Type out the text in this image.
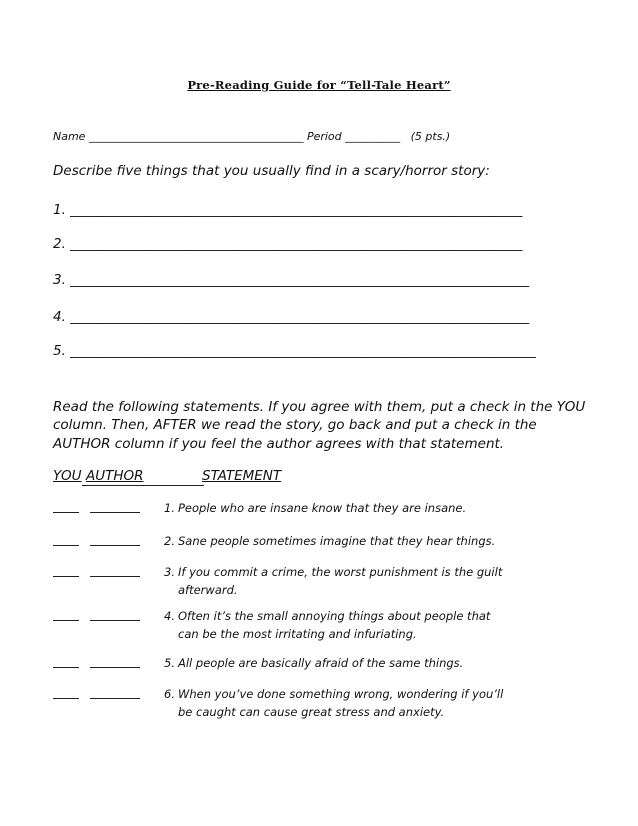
Pre-Reading Guide for “Tell-Tale Heart”
Name _______________________________________ Period __________   (5 pts.)
Describe five things that you usually find in a scary/horror story:
1. ___________________________________________________________________
2. ___________________________________________________________________
3. ____________________________________________________________________
4. ____________________________________________________________________
5. _____________________________________________________________________
Read the following statements. If you agree with them, put a check in the YOU column. Then, AFTER we read the story, go back and put a check in the AUTHOR column if you feel the author agrees with that statement.
YOU AUTHOR	STATEMENT
1. People who are insane know that they are insane.
2. Sane people sometimes imagine that they hear things.
3. If you commit a crime, the worst punishment is the guilt
afterward.
4. Often it’s the small annoying things about people that
can be the most irritating and infuriating.
5. All people are basically afraid of the same things.
6. When you’ve done something wrong, wondering if you’ll
be caught can cause great stress and anxiety.
